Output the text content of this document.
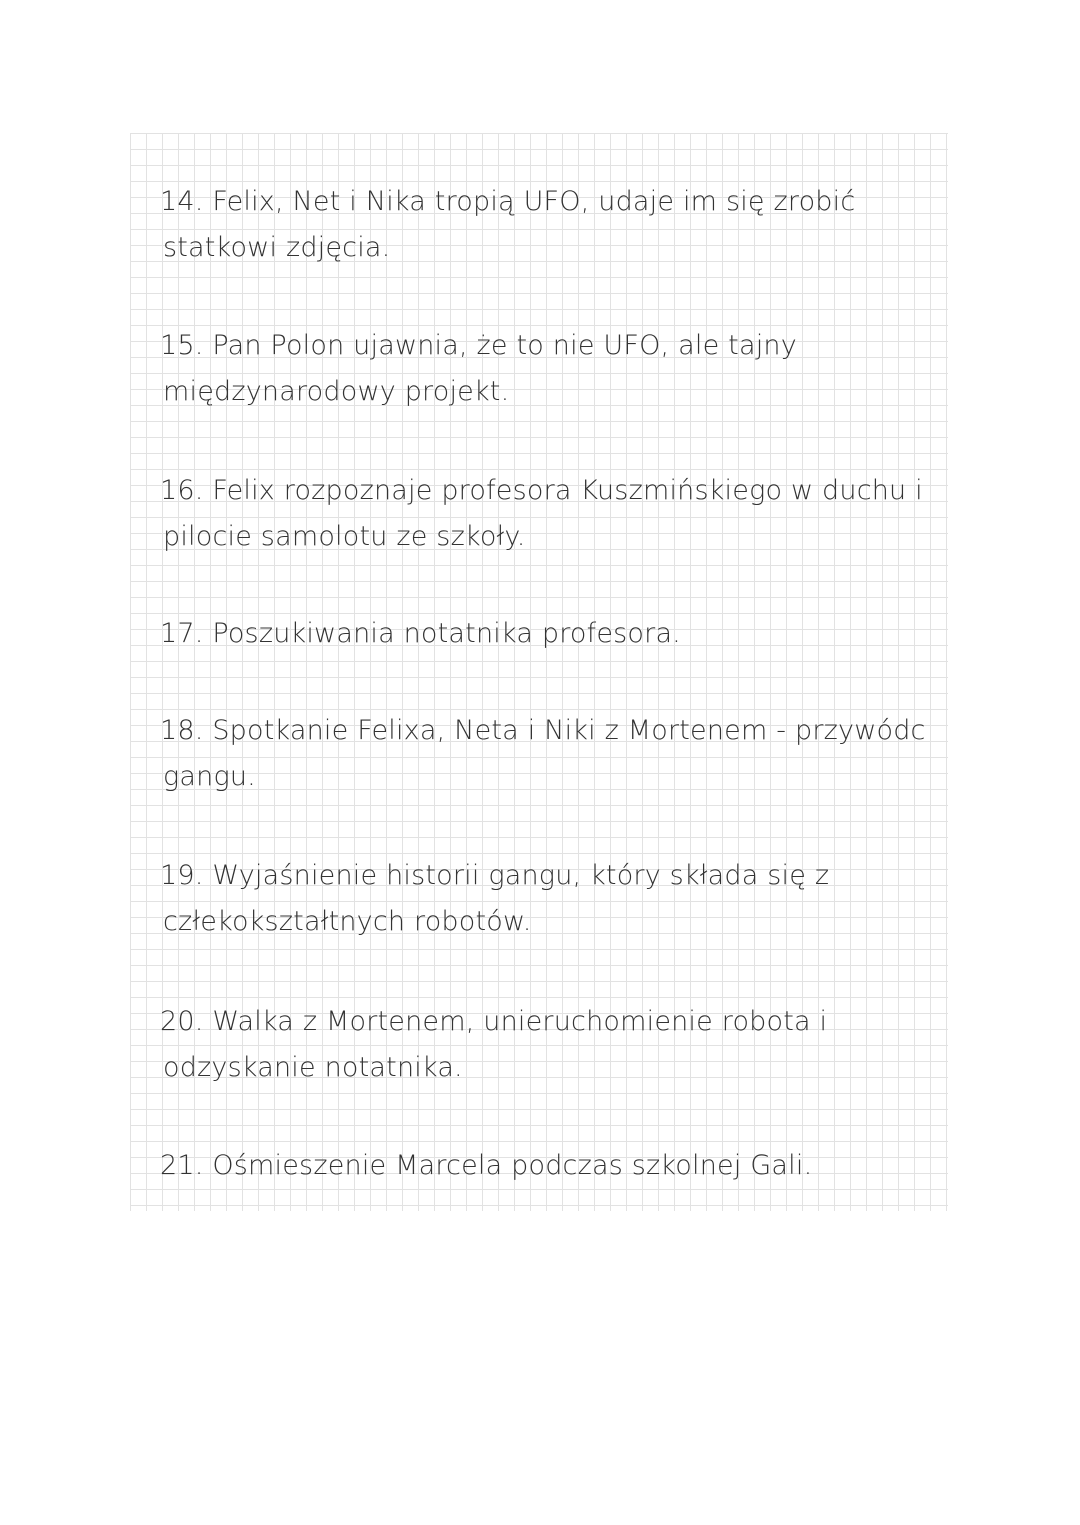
14. Felix, Net i Nika tropią UFO, udaje im się zrobić
statkowi zdjęcia.

15. Pan Polon ujawnia, że to nie UFO, ale tajny
międzynarodowy projekt.

16. Felix rozpoznaje profesora Kuszmińskiego w duchu i
pilocie samolotu ze szkoły.

17. Poszukiwania notatnika profesora.

18. Spotkanie Felixa, Neta i Niki z Mortenem - przywódc
gangu.

19. Wyjaśnienie historii gangu, który składa się z
człekokształtnych robotów.

20. Walka z Mortenem, unieruchomienie robota i
odzyskanie notatnika.

21. Ośmieszenie Marcela podczas szkolnej Gali.
